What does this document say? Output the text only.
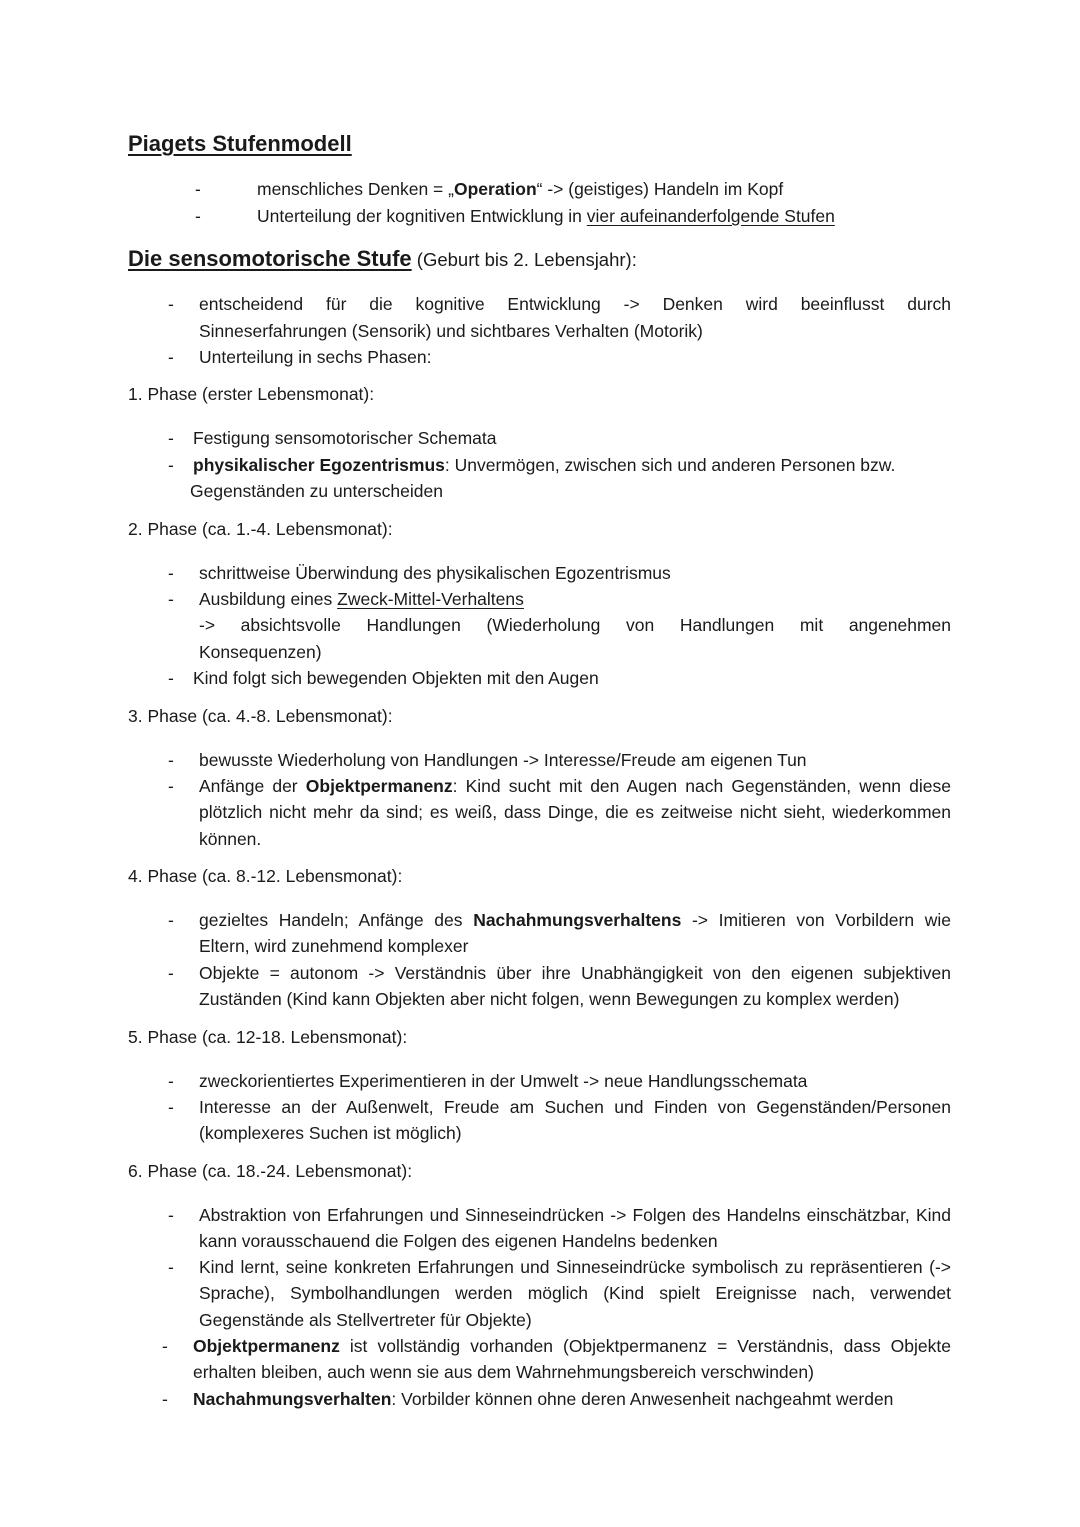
Piagets Stufenmodell
-	menschliches Denken = „Operation“ -> (geistiges) Handeln im Kopf

-	Unterteilung der kognitiven Entwicklung in vier aufeinanderfolgende Stufen

Die sensomotorische Stufe (Geburt bis 2. Lebensjahr):
- entscheidend für die kognitive Entwicklung -> Denken wird beeinflusst durch

Sinneserfahrungen (Sensorik) und sichtbares Verhalten (Motorik)

- Unterteilung in sechs Phasen:

1. Phase (erster Lebensmonat):
- Festigung sensomotorischer Schemata

- physikalischer Egozentrismus: Unvermögen, zwischen sich und anderen Personen bzw.

Gegenständen zu unterscheiden

2. Phase (ca. 1.-4. Lebensmonat):
- schrittweise Überwindung des physikalischen Egozentrismus

- Ausbildung eines Zweck-Mittel-Verhaltens

-> absichtsvolle Handlungen (Wiederholung von Handlungen mit angenehmen

Konsequenzen)

- Kind folgt sich bewegenden Objekten mit den Augen

3. Phase (ca. 4.-8. Lebensmonat):
- bewusste Wiederholung von Handlungen -> Interesse/Freude am eigenen Tun

- Anfänge der Objektpermanenz: Kind sucht mit den Augen nach Gegenständen, wenn diese plötzlich nicht mehr da sind; es weiß, dass Dinge, die es zeitweise nicht sieht, wiederkommen können.

4. Phase (ca. 8.-12. Lebensmonat):
- gezieltes Handeln; Anfänge des Nachahmungsverhaltens -> Imitieren von Vorbildern wie Eltern, wird zunehmend komplexer

- Objekte = autonom -> Verständnis über ihre Unabhängigkeit von den eigenen subjektiven Zuständen (Kind kann Objekten aber nicht folgen, wenn Bewegungen zu komplex werden)

5. Phase (ca. 12-18. Lebensmonat):
- zweckorientiertes Experimentieren in der Umwelt -> neue Handlungsschemata

- Interesse an der Außenwelt, Freude am Suchen und Finden von Gegenständen/Personen (komplexeres Suchen ist möglich)

6. Phase (ca. 18.-24. Lebensmonat):
- Abstraktion von Erfahrungen und Sinneseindrücken -> Folgen des Handelns einschätzbar, Kind kann vorausschauend die Folgen des eigenen Handelns bedenken

- Kind lernt, seine konkreten Erfahrungen und Sinneseindrücke symbolisch zu repräsentieren (-> Sprache), Symbolhandlungen werden möglich (Kind spielt Ereignisse nach, verwendet Gegenstände als Stellvertreter für Objekte)

- Objektpermanenz ist vollständig vorhanden (Objektpermanenz = Verständnis, dass Objekte erhalten bleiben, auch wenn sie aus dem Wahrnehmungsbereich verschwinden)

- Nachahmungsverhalten: Vorbilder können ohne deren Anwesenheit nachgeahmt werden
